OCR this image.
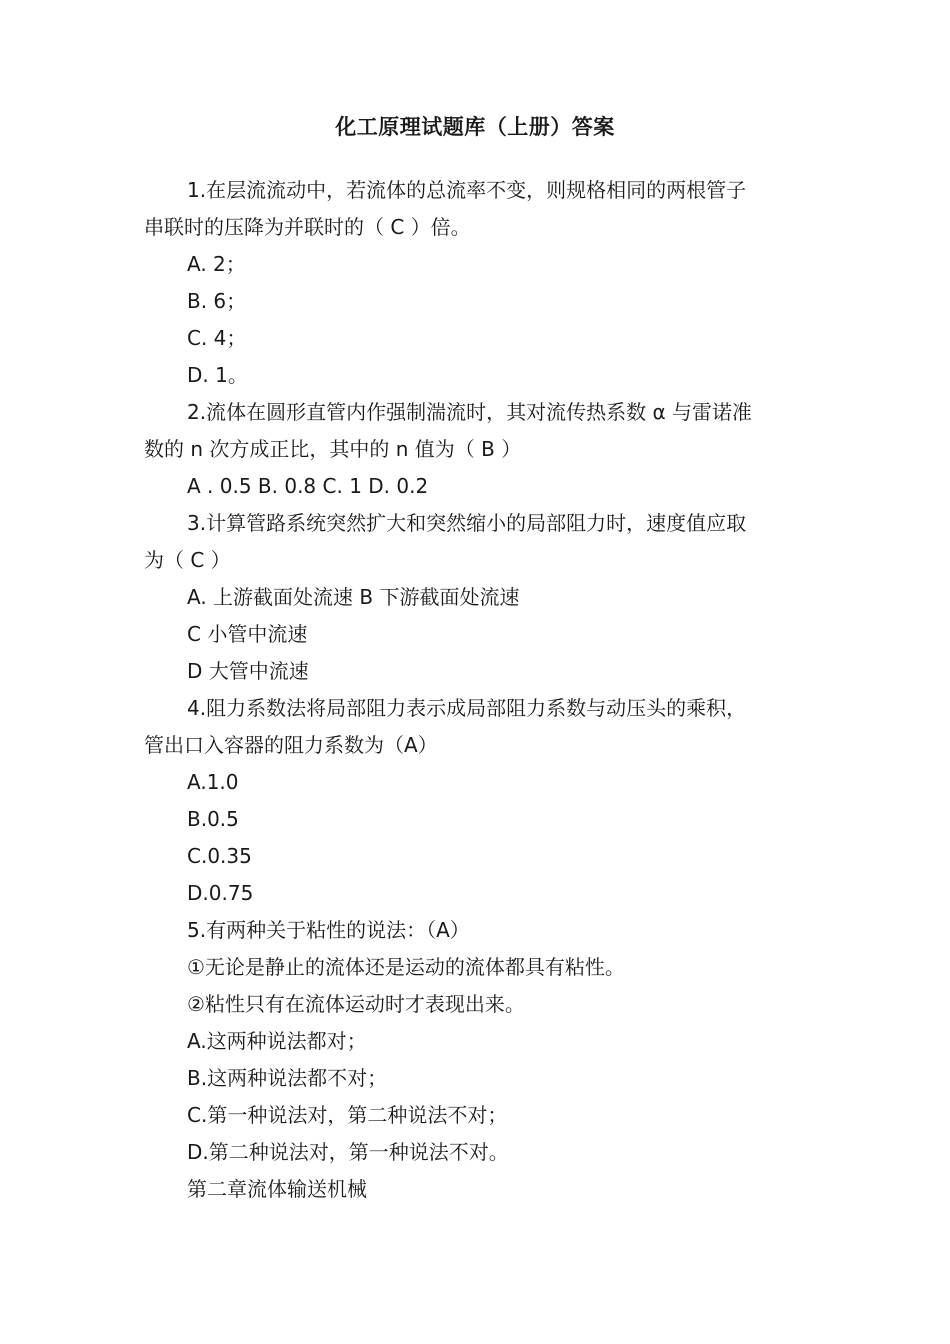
化工原理试题库（上册）答案
1.在层流流动中，若流体的总流率不变，则规格相同的两根管子
串联时的压降为并联时的（ C ）倍。
A. 2；
B. 6；
C. 4；
D. 1。
2.流体在圆形直管内作强制湍流时，其对流传热系数 α 与雷诺准
数的 n 次方成正比，其中的 n 值为（ B ）
A . 0.5 B. 0.8 C. 1 D. 0.2
3.计算管路系统突然扩大和突然缩小的局部阻力时，速度值应取
为（ C ）
A. 上游截面处流速 B 下游截面处流速
C 小管中流速
D 大管中流速
4.阻力系数法将局部阻力表示成局部阻力系数与动压头的乘积，
管出口入容器的阻力系数为（A）
A.1.0
B.0.5
C.0.35
D.0.75
5.有两种关于粘性的说法：（A）
①无论是静止的流体还是运动的流体都具有粘性。
②粘性只有在流体运动时才表现出来。
A.这两种说法都对；
B.这两种说法都不对；
C.第一种说法对，第二种说法不对；
D.第二种说法对，第一种说法不对。
第二章流体输送机械
